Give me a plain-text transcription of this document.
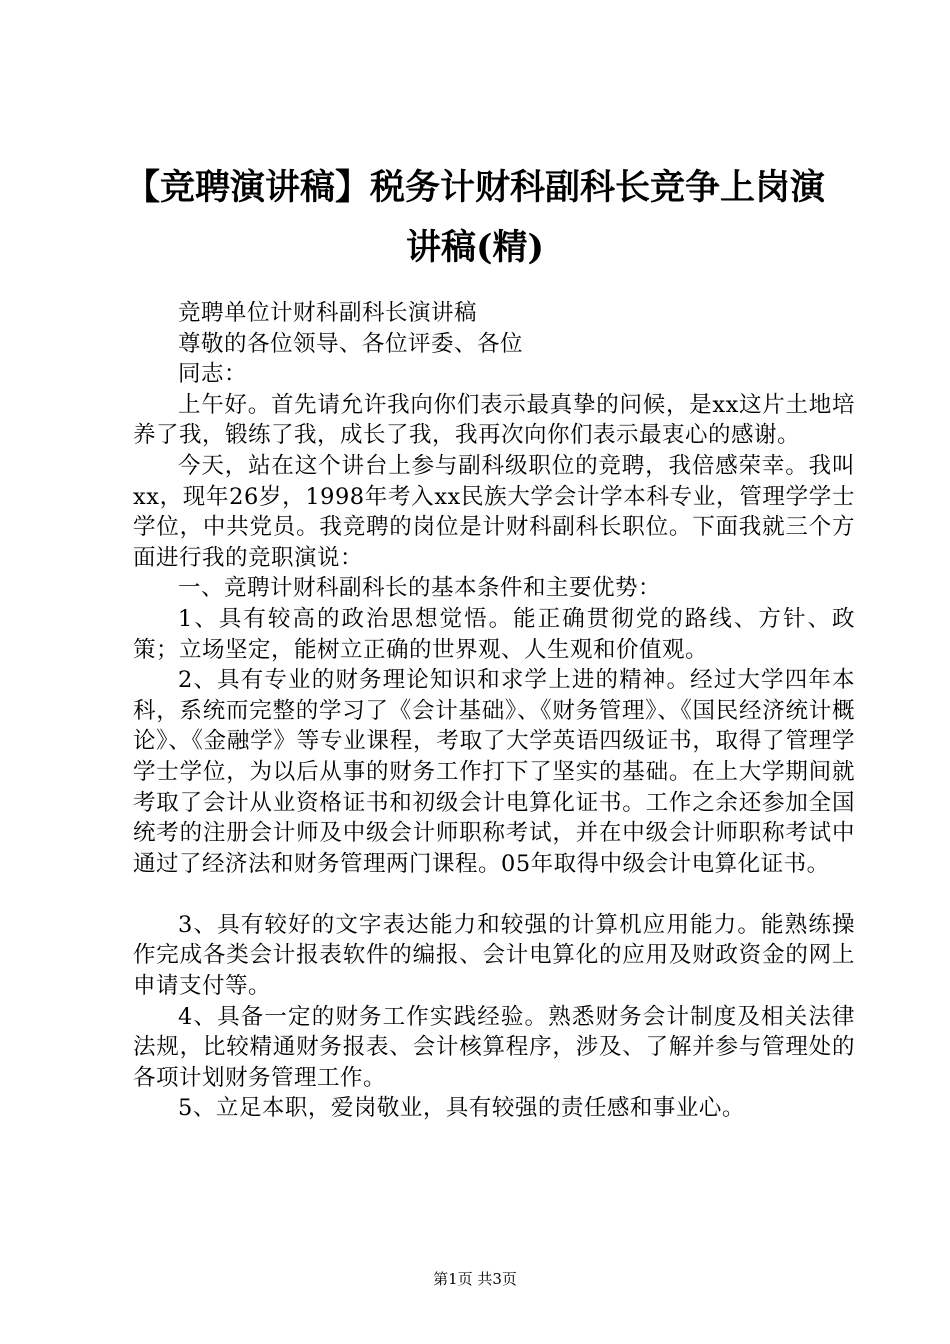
【竞聘演讲稿】税务计财科副科长竞争上岗演讲稿(精)

竞聘单位计财科副科长演讲稿

尊敬的各位领导、各位评委、各位

同志：

上午好。首先请允许我向你们表示最真挚的问候，是xx这片土地培养了我，锻练了我，成长了我，我再次向你们表示最衷心的感谢。

今天，站在这个讲台上参与副科级职位的竞聘，我倍感荣幸。我叫xx，现年26岁，1998年考入xx民族大学会计学本科专业，管理学学士学位，中共党员。我竞聘的岗位是计财科副科长职位。下面我就三个方面进行我的竞职演说：

一、竞聘计财科副科长的基本条件和主要优势：

1、具有较高的政治思想觉悟。能正确贯彻党的路线、方针、政策；立场坚定，能树立正确的世界观、人生观和价值观。

2、具有专业的财务理论知识和求学上进的精神。经过大学四年本科，系统而完整的学习了《会计基础》、《财务管理》、《国民经济统计概论》、《金融学》等专业课程，考取了大学英语四级证书，取得了管理学学士学位，为以后从事的财务工作打下了坚实的基础。在上大学期间就考取了会计从业资格证书和初级会计电算化证书。工作之余还参加全国统考的注册会计师及中级会计师职称考试，并在中级会计师职称考试中通过了经济法和财务管理两门课程。05年取得中级会计电算化证书。

3、具有较好的文字表达能力和较强的计算机应用能力。能熟练操作完成各类会计报表软件的编报、会计电算化的应用及财政资金的网上申请支付等。

4、具备一定的财务工作实践经验。熟悉财务会计制度及相关法律法规，比较精通财务报表、会计核算程序，涉及、了解并参与管理处的各项计划财务管理工作。

5、立足本职，爱岗敬业，具有较强的责任感和事业心。

第1页 共3页
